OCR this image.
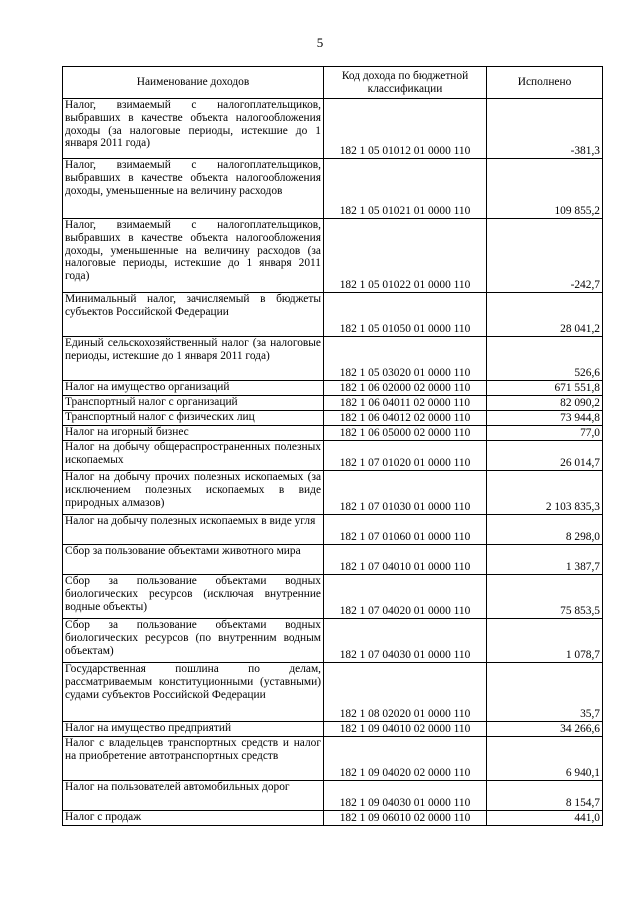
5
Наименование доходов	Код дохода по бюджетной классификации	Исполнено
Налог, взимаемый с налогоплательщиков, выбравших в качестве объекта налогообложения доходы (за налоговые периоды, истекшие до 1 января 2011 года)	182 1 05 01012 01 0000 110	-381,3
Налог, взимаемый с налогоплательщиков, выбравших в качестве объекта налогообложения доходы, уменьшенные на величину расходов	182 1 05 01021 01 0000 110	109 855,2
Налог, взимаемый с налогоплательщиков, выбравших в качестве объекта налогообложения доходы, уменьшенные на величину расходов (за налоговые периоды, истекшие до 1 января 2011 года)	182 1 05 01022 01 0000 110	-242,7
Минимальный налог, зачисляемый в бюджеты субъектов Российской Федерации	182 1 05 01050 01 0000 110	28 041,2
Единый сельскохозяйственный налог (за налоговые периоды, истекшие до 1 января 2011 года)	182 1 05 03020 01 0000 110	526,6
Налог на имущество организаций	182 1 06 02000 02 0000 110	671 551,8
Транспортный налог с организаций	182 1 06 04011 02 0000 110	82 090,2
Транспортный налог с физических лиц	182 1 06 04012 02 0000 110	73 944,8
Налог на игорный бизнес	182 1 06 05000 02 0000 110	77,0
Налог на добычу общераспространенных полезных ископаемых	182 1 07 01020 01 0000 110	26 014,7
Налог на добычу прочих полезных ископаемых (за исключением полезных ископаемых в виде природных алмазов)	182 1 07 01030 01 0000 110	2 103 835,3
Налог на добычу полезных ископаемых в виде угля	182 1 07 01060 01 0000 110	8 298,0
Сбор за пользование объектами животного мира	182 1 07 04010 01 0000 110	1 387,7
Сбор за пользование объектами водных биологических ресурсов (исключая внутренние водные объекты)	182 1 07 04020 01 0000 110	75 853,5
Сбор за пользование объектами водных биологических ресурсов (по внутренним водным объектам)	182 1 07 04030 01 0000 110	1 078,7
Государственная пошлина по делам, рассматриваемым конституционными (уставными) судами субъектов Российской Федерации	182 1 08 02020 01 0000 110	35,7
Налог на имущество предприятий	182 1 09 04010 02 0000 110	34 266,6
Налог с владельцев транспортных средств и налог на приобретение автотранспортных средств	182 1 09 04020 02 0000 110	6 940,1
Налог на пользователей автомобильных дорог	182 1 09 04030 01 0000 110	8 154,7
Налог с продаж	182 1 09 06010 02 0000 110	441,0
